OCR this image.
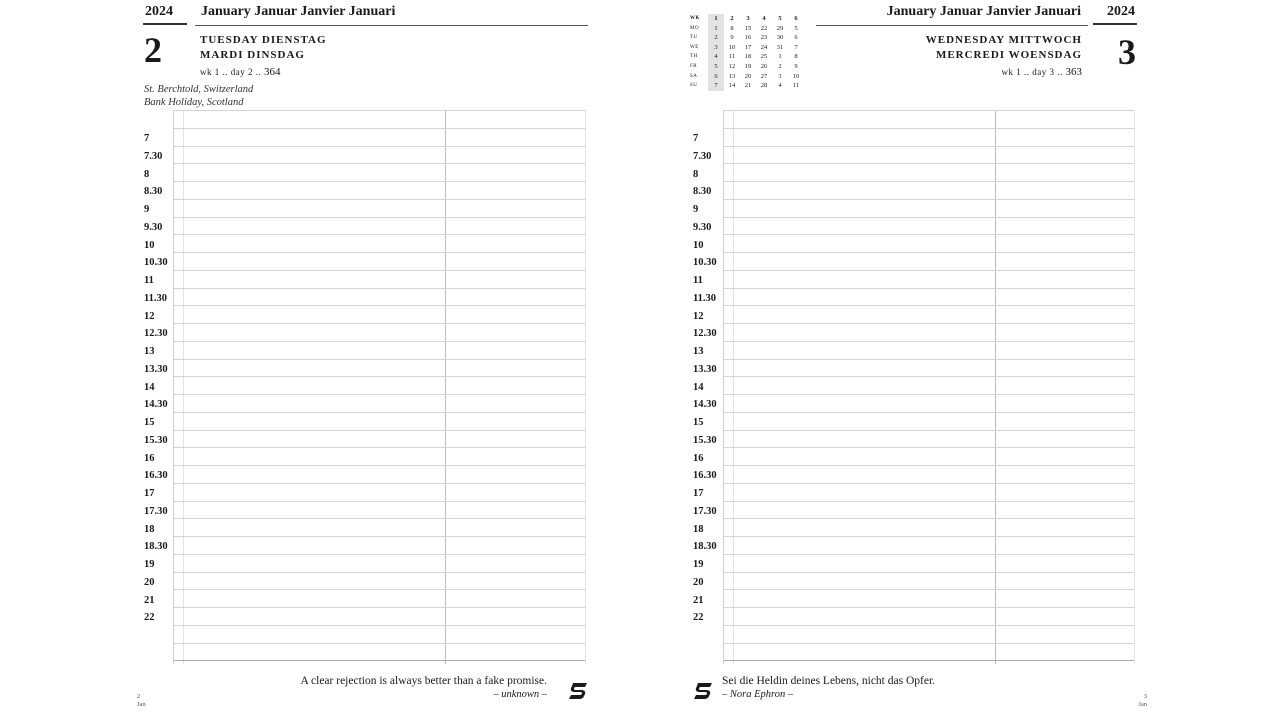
2024 January Januar Janvier Januari
2	TUESDAY DIENSTAG
MARDI DINSDAG
wk 1 .. day 2 .. 364
St. Berchtold, Switzerland
Bank Holiday, Scotland
7
7.30
8
8.30
9
9.30
10
10.30
11
11.30
12
12.30
13
13.30
14
14.30
15
15.30
16
16.30
17
17.30
18
18.30
19
20
21
22
A clear rejection is always better than a fake promise.
– unknown –
2
Jan
WK	1	2	3	4	5	6
MO	1	8	15	22	29	5
TU	2	9	16	23	30	6
WE	3	10	17	24	31	7
TH	4	11	18	25	1	8
FR	5	12	19	26	2	9
SA	6	13	20	27	3	10
SU	7	14	21	28	4	11
January Januar Janvier Januari 2024
WEDNESDAY MITTWOCH
MERCREDI WOENSDAG
wk 1 .. day 3 .. 363 3
7
7.30
8
8.30
9
9.30
10
10.30
11
11.30
12
12.30
13
13.30
14
14.30
15
15.30
16
16.30
17
17.30
18
18.30
19
20
21
22
Sei die Heldin deines Lebens, nicht das Opfer.
– Nora Ephron –	3
Jan
